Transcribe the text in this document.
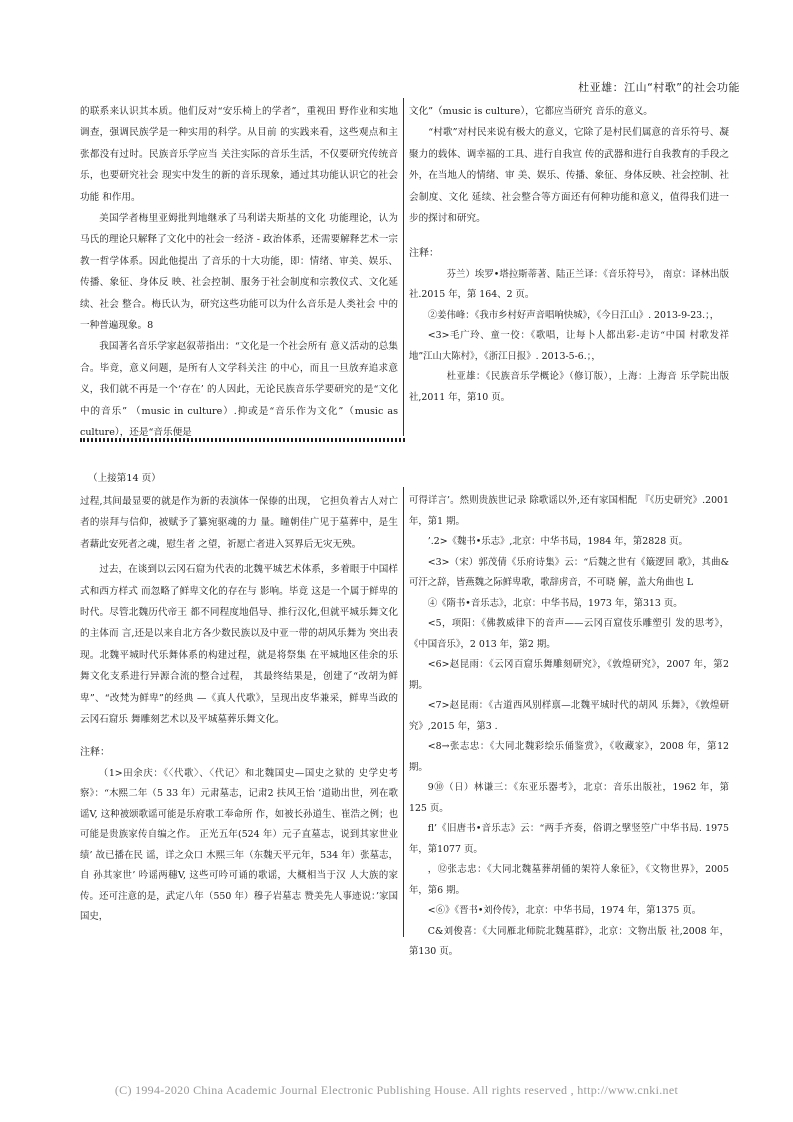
杜亚雄：江山“村歌”的社会功能

的联系来认识其本质。他们反对“安乐椅上的学者”，重视田 野作业和实地调查，强调民族学是一种实用的科学。从目前 的实践来看，这些观点和主张都没有过时。民族音乐学应当 关注实际的音乐生活，不仅要研究传统音乐，也要研究社会 现实中发生的新的音乐现象，通过其功能认识它的社会功能 和作用。

美国学者梅里亚姆批判地继承了马利诺夫斯基的文化 功能理论，认为马氏的理论只解释了文化中的社会一经济 - 政治体系，还需要解释艺术一宗教一哲学体系。因此他提出 了音乐的十大功能，即：情绪、审美、娱乐、传播、象征、身体反 映、社会控制、服务于社会制度和宗教仪式、文化延续、社会 整合。梅氏认为，研究这些功能可以为什么音乐是人类社会 中的一种普遍现象。8

我国著名音乐学家赵叙蒂指出：“文化是一个社会所有 意义活动的总集合。毕竟，意义问题，是所有人文学科关注 的中心，而且一旦放弃追求意义，我们就不再是一个‘存在’ 的人因此，无论民族音乐学要研究的是“文化中的音乐” （music in culture）.抑或是“音乐作为文化”（music as culture），还是“音乐便是

文化”（music is culture），它都应当研究 音乐的意义。

“村歌”对村民来说有极大的意义，它除了是村民们属意的音乐符号、凝聚力的载体、调幸福的工具、进行自我宣 传的武器和进行自我教育的手段之外，在当地人的情绪、审 美、娱乐、传播、象征、身体反映、社会控制、社会制度、文化 延续、社会整合等方面还有何种功能和意义，值得我们进一 步的探讨和研究。

注释：

芬兰）埃罗•塔拉斯蒂著、陆正兰译：《音乐符号》， 南京：译林出版社.2015 年，第 164、2 页。

②姜伟峰：《我市乡村好声音唱响快城》，《今日江山》. 2013-9-23.；，

<3>毛广玲、童一佼：《歌唱，让每卜人都出彩-走访“中国 村歌发祥地”江山大陈村》，《浙江日报》. 2013-5-6.；，

杜亚雄：《民族音乐学概论》（修订版），上海：上海音 乐学院出版社,2011 年，第10 页。

（上接第14 页）

过程,其间最显要的就是作为新的表演体一保傣的出现， 它担负着古人对亡者的崇拜与信仰，被赋予了纂宛驱魂的力 量。瞳朝佳广见于墓葬中，是生者藉此安死者之魂，慰生者 之望，祈愿亡者进入冥界后无灾无殃。

过去，在谈到以云冈石窟为代表的北魏平城艺术体系，多着眼于中国样式和西方样式 而忽略了鲜卑文化的存在与 影响。毕竟 这是一个属于鲜卑的时代。尽管北魏历代帝王 都不同程度地倡导、推行汉化,但就平城乐舞文化的主体而 言,还是以来自北方各少数民族以及中亚一带的胡风乐舞为 突出表现。北魏平城时代乐舞体系的构建过程，就是将祭集 在平城地区佳余的乐舞文化支系进行异源合流的整合过程， 其最终结果是，创建了“改胡为鲜卑”、“改梵为鲜卑”的经典 —《真人代歌》，呈现出皮华兼采，鲜卑当政的云冈石窟乐 舞雕刻艺术以及平城墓葬乐舞文化。

注释：

（1>田余庆：《〈代歌〉、〈代记〉和北魏国史—国史之狱的 史学史考察》：“木熙二年（5 33 年）元肃墓志，记肃2 扶风王怡 ’道勋出世，列在歌谣V, 这种被颂歌谣可能是乐府歌工奉命所 作，如被长孙道生、崔浩之例；也可能是贵族家传自编之作。 正光五年(524 年）元子直墓志，说到其家世业绩’ 故已播在民 谣，详之众口 木熙三年（东魏天平元年，534 年）张墓志，自 孙其家世’ 吟谣两穗V, 这些可吟可诵的歌谣，大概相当于汉 人大族的家传。还可注意的是，武定八年（550 年）穆子岩墓志 赞美先人事迹说：’家国国史，

可得详言’。然则贵族世记录 除歌谣以外,还有家国相配 『《历史研究》.2001 年，第1 期。

’.2>《魏书•乐志》,北京：中华书局，1984 年，第2828 页。

<3>（宋）郭茂倩《乐府诗集》云：“后魏之世有《簸逻回 歌》，其曲&可汗之辞，皆燕魏之际鲜卑歌，歌辞虏音，不可晓 解，盖大角曲也 L

④《隋书•音乐志》，北京：中华书局，1973 年，第313 页。

<5，项阳：《佛教威律下的音声——云冈百窟伎乐雕塑引 发的思考》，《中国音乐》，2 013 年，第2 期。

<6>赵昆雨：《云冈百窟乐舞雕刻研究》，《敦煌研究》，2007 年，第2 期。

<7>赵昆雨：《古道西风别样禀—北魏平城时代的胡风 乐舞》，《敦煌研究》,2015 年，第3 .

<8→张志忠：《大同北魏彩绘乐俑鉴赏》，《收藏家》，2008 年，第12 期。

9⑩（日）林谦三：《东亚乐器考》，北京：音乐出版社，1962 年，第125 页。

fl’《旧唐书•音乐志》云：“两手齐奏，俗谓之擘竖箜广中华书局. 1975 年，第1077 页。

，⑫张志忠：《大同北魏墓葬胡俑的架符人象征》，《文物世界》，2005 年，第6 期。

<⑥》《晋书•刘伶传》，北京：中华书局，1974 年，第1375 页。

C&刘俊喜：《大同雁北师院北魏墓群》，北京：文物出版 社,2008 年，第130 页。

(C) 1994-2020 China Academic Journal Electronic Publishing House. All rights reserved , http://www.cnki.net
